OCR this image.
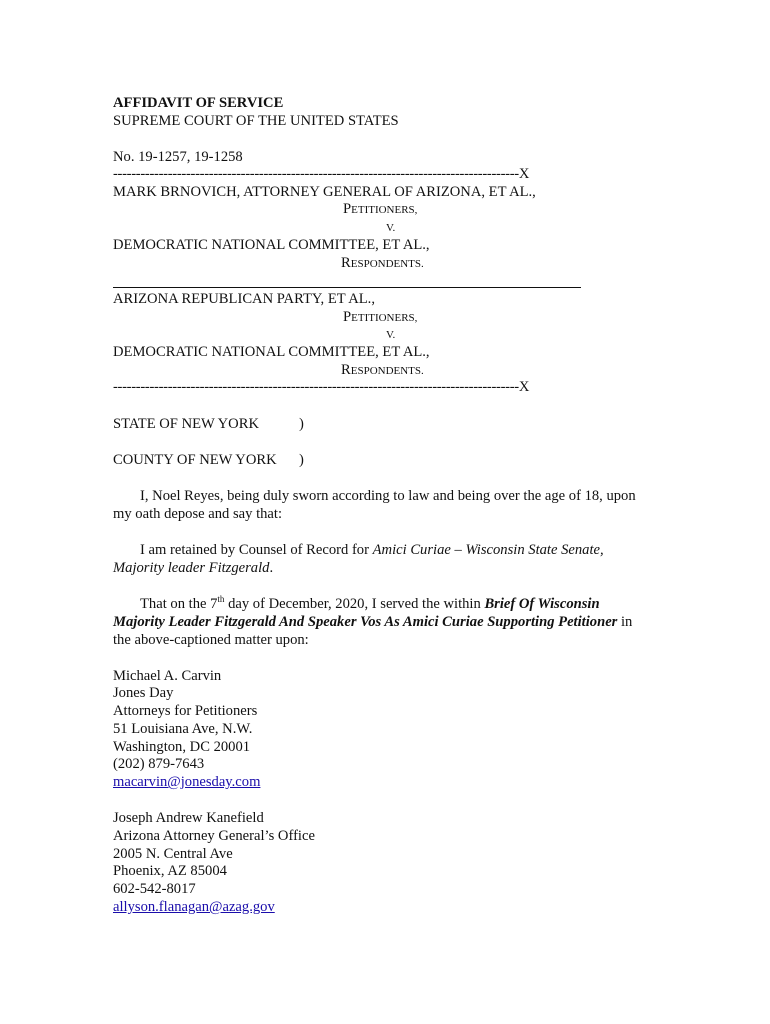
AFFIDAVIT OF SERVICE
SUPREME COURT OF THE UNITED STATES
No. 19-1257, 19-1258
-----------------------------------------------------------------------------------------X
MARK BRNOVICH, ATTORNEY GENERAL OF ARIZONA, ET AL.,
PETITIONERS,
V.
DEMOCRATIC NATIONAL COMMITTEE, ET AL.,
RESPONDENTS.
ARIZONA REPUBLICAN PARTY, ET AL.,
PETITIONERS,
V.
DEMOCRATIC NATIONAL COMMITTEE, ET AL.,
RESPONDENTS.
-----------------------------------------------------------------------------------------X
STATE OF NEW YORK	)
COUNTY OF NEW YORK )
I, Noel Reyes, being duly sworn according to law and being over the age of 18, upon
my oath depose and say that:
I am retained by Counsel of Record for Amici Curiae – Wisconsin State Senate,
Majority leader Fitzgerald.
That on the 7th day of December, 2020, I served the within Brief Of Wisconsin
Majority Leader Fitzgerald And Speaker Vos As Amici Curiae Supporting Petitioner in
the above-captioned matter upon:
Michael A. Carvin
Jones Day
Attorneys for Petitioners
51 Louisiana Ave, N.W.
Washington, DC 20001
(202) 879-7643
macarvin@jonesday.com
Joseph Andrew Kanefield
Arizona Attorney General’s Office
2005 N. Central Ave
Phoenix, AZ 85004
602-542-8017
allyson.flanagan@azag.gov
